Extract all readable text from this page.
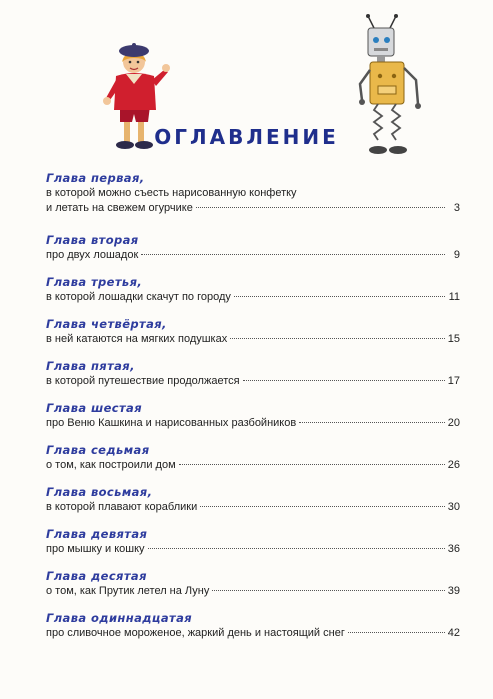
ОГЛАВЛЕНИЕ
Глава первая,
в которой можно съесть нарисованную конфетку
и летать на свежем огурчике	3
Глава вторая
про двух лошадок	9
Глава третья,
в которой лошадки скачут по городу	11
Глава четвёртая,
в ней катаются на мягких подушках	15
Глава пятая,
в которой путешествие продолжается	17
Глава шестая
про Веню Кашкина и нарисованных разбойников	20
Глава седьмая
о том, как построили дом	26
Глава восьмая,
в которой плавают кораблики	30
Глава девятая
про мышку и кошку	36
Глава десятая
о том, как Прутик летел на Луну	39
Глава одиннадцатая
про сливочное мороженое, жаркий день и настоящий снег	42
